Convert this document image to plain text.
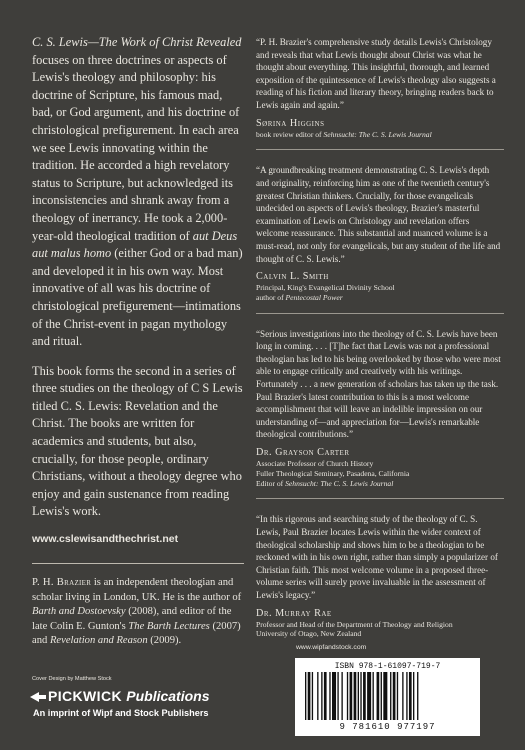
C. S. Lewis—The Work of Christ Revealed focuses on three doctrines or aspects of Lewis's theology and philosophy: his doctrine of Scripture, his famous mad, bad, or God argument, and his doctrine of christological prefigurement. In each area we see Lewis innovating within the tradition. He accorded a high revelatory status to Scripture, but acknowledged its inconsistencies and shrank away from a theology of inerrancy. He took a 2,000-year-old theological tradition of aut Deus aut malus homo (either God or a bad man) and developed it in his own way. Most innovative of all was his doctrine of christological prefigurement—intimations of the Christ-event in pagan mythology and ritual.

This book forms the second in a series of three studies on the theology of C S Lewis titled C. S. Lewis: Revelation and the Christ. The books are written for academics and students, but also, crucially, for those people, ordinary Christians, without a theology degree who enjoy and gain sustenance from reading Lewis's work.

www.cslewisandthechrist.net

P. H. Brazier is an independent theologian and scholar living in London, UK. He is the author of Barth and Dostoevsky (2008), and editor of the late Colin E. Gunton's The Barth Lectures (2007) and Revelation and Reason (2009).

“P. H. Brazier's comprehensive study details Lewis's Christology and reveals that what Lewis thought about Christ was what he thought about everything. This insightful, thorough, and learned exposition of the quintessence of Lewis's theology also suggests a reading of his fiction and literary theory, bringing readers back to Lewis again and again.”

Sørina Higgins

book review editor of Sehnsucht: The C. S. Lewis Journal

“A groundbreaking treatment demonstrating C. S. Lewis's depth and originality, reinforcing him as one of the twentieth century's greatest Christian thinkers. Crucially, for those evangelicals undecided on aspects of Lewis's theology, Brazier's masterful examination of Lewis on Christology and revelation offers welcome reassurance. This substantial and nuanced volume is a must-read, not only for evangelicals, but any student of the life and thought of C. S. Lewis.”

Calvin L. Smith

Principal, King's Evangelical Divinity School
author of Pentecostal Power

“Serious investigations into the theology of C. S. Lewis have been long in coming. . . . [T]he fact that Lewis was not a professional theologian has led to his being overlooked by those who were most able to engage critically and creatively with his writings. Fortunately . . . a new generation of scholars has taken up the task. Paul Brazier's latest contribution to this is a most welcome accomplishment that will leave an indelible impression on our understanding of—and appreciation for—Lewis's remarkable theological contributions.”

Dr. Grayson Carter

Associate Professor of Church History
Fuller Theological Seminary, Pasadena, California
Editor of Sehnsucht: The C. S. Lewis Journal

“In this rigorous and searching study of the theology of C. S. Lewis, Paul Brazier locates Lewis within the wider context of theological scholarship and shows him to be a theologian to be reckoned with in his own right, rather than simply a popularizer of Christian faith. This most welcome volume in a proposed three-volume series will surely prove invaluable in the assessment of Lewis's legacy.”

Dr. Murray Rae

Professor and Head of the Department of Theology and Religion
University of Otago, New Zealand

www.wipfandstock.com
ISBN 978-1-61097-719-7
9 781610 977197
Cover Design by Matthew Stock
PICKWICK Publications
An imprint of Wipf and Stock Publishers
